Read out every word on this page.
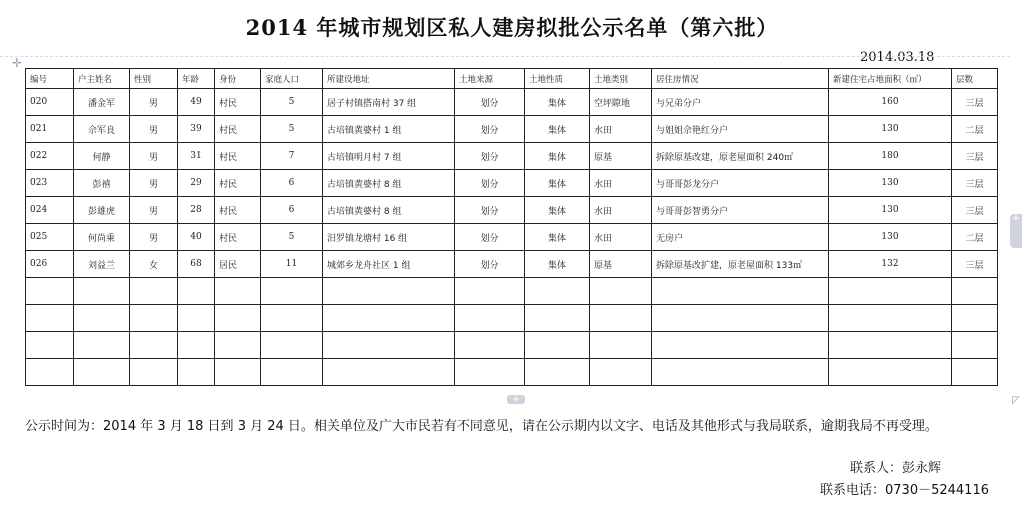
2014 年城市规划区私人建房拟批公示名单（第六批）
2014.03.18
✛
编号	户主姓名	性别	年龄	身份	家庭人口	所建设地址	土地来源	土地性质	土地类别	居住房情况	新建住宅占地面积（㎡）	层数
020	潘金军	男	49	村民	5	居子村镇搭南村 37 组	划分	集体	空坪隙地	与兄弟分户	160	三层
021	佘军良	男	39	村民	5	古培镇黄婆村 1 组	划分	集体	水田	与姐姐佘艳红分户	130	二层
022	何静	男	31	村民	7	古培镇明月村 7 组	划分	集体	原基	拆除原基改建，原老屋面积 240㎡	180	三层
023	彭禧	男	29	村民	6	古培镇黄婆村 8 组	划分	集体	水田	与哥哥彭龙分户	130	三层
024	彭雄虎	男	28	村民	6	古培镇黄婆村 8 组	划分	集体	水田	与哥哥彭智勇分户	130	三层
025	何尚乘	男	40	村民	5	汨罗镇龙塘村 16 组	划分	集体	水田	无房户	130	二层
026	刘益兰	女	68	居民	11	城郊乡龙舟社区 1 组	划分	集体	原基	拆除原基改扩建，原老屋面积 133㎡	132	三层

+
+
◸
公示时间为：2014 年 3 月 18 日到 3 月 24 日。相关单位及广大市民若有不同意见，请在公示期内以文字、电话及其他形式与我局联系，逾期我局不再受理。
联系人：彭永辉
联系电话：0730－5244116
